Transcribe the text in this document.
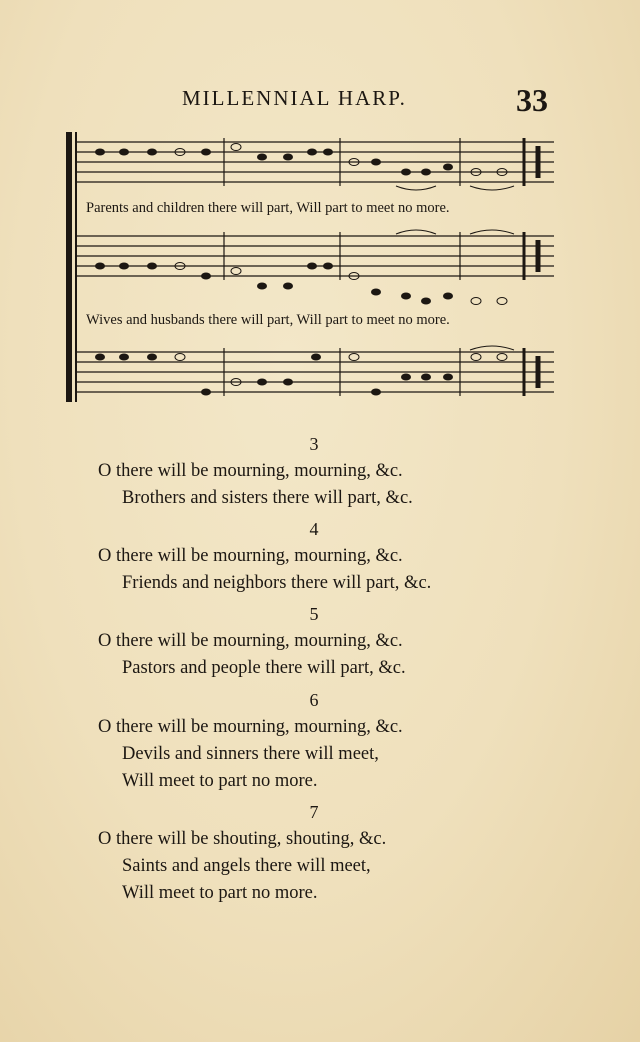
MILLENNIAL HARP.	33
Parents and children there will part, Will part to meet no more.
Wives and husbands there will part, Will part to meet no more.
3
O there will be mourning, mourning, &c.
Brothers and sisters there will part, &c.
4
O there will be mourning, mourning, &c.
Friends and neighbors there will part, &c.
5
O there will be mourning, mourning, &c.
Pastors and people there will part, &c.
6
O there will be mourning, mourning, &c.
Devils and sinners there will meet,
Will meet to part no more.
7
O there will be shouting, shouting, &c.
Saints and angels there will meet,
Will meet to part no more.
